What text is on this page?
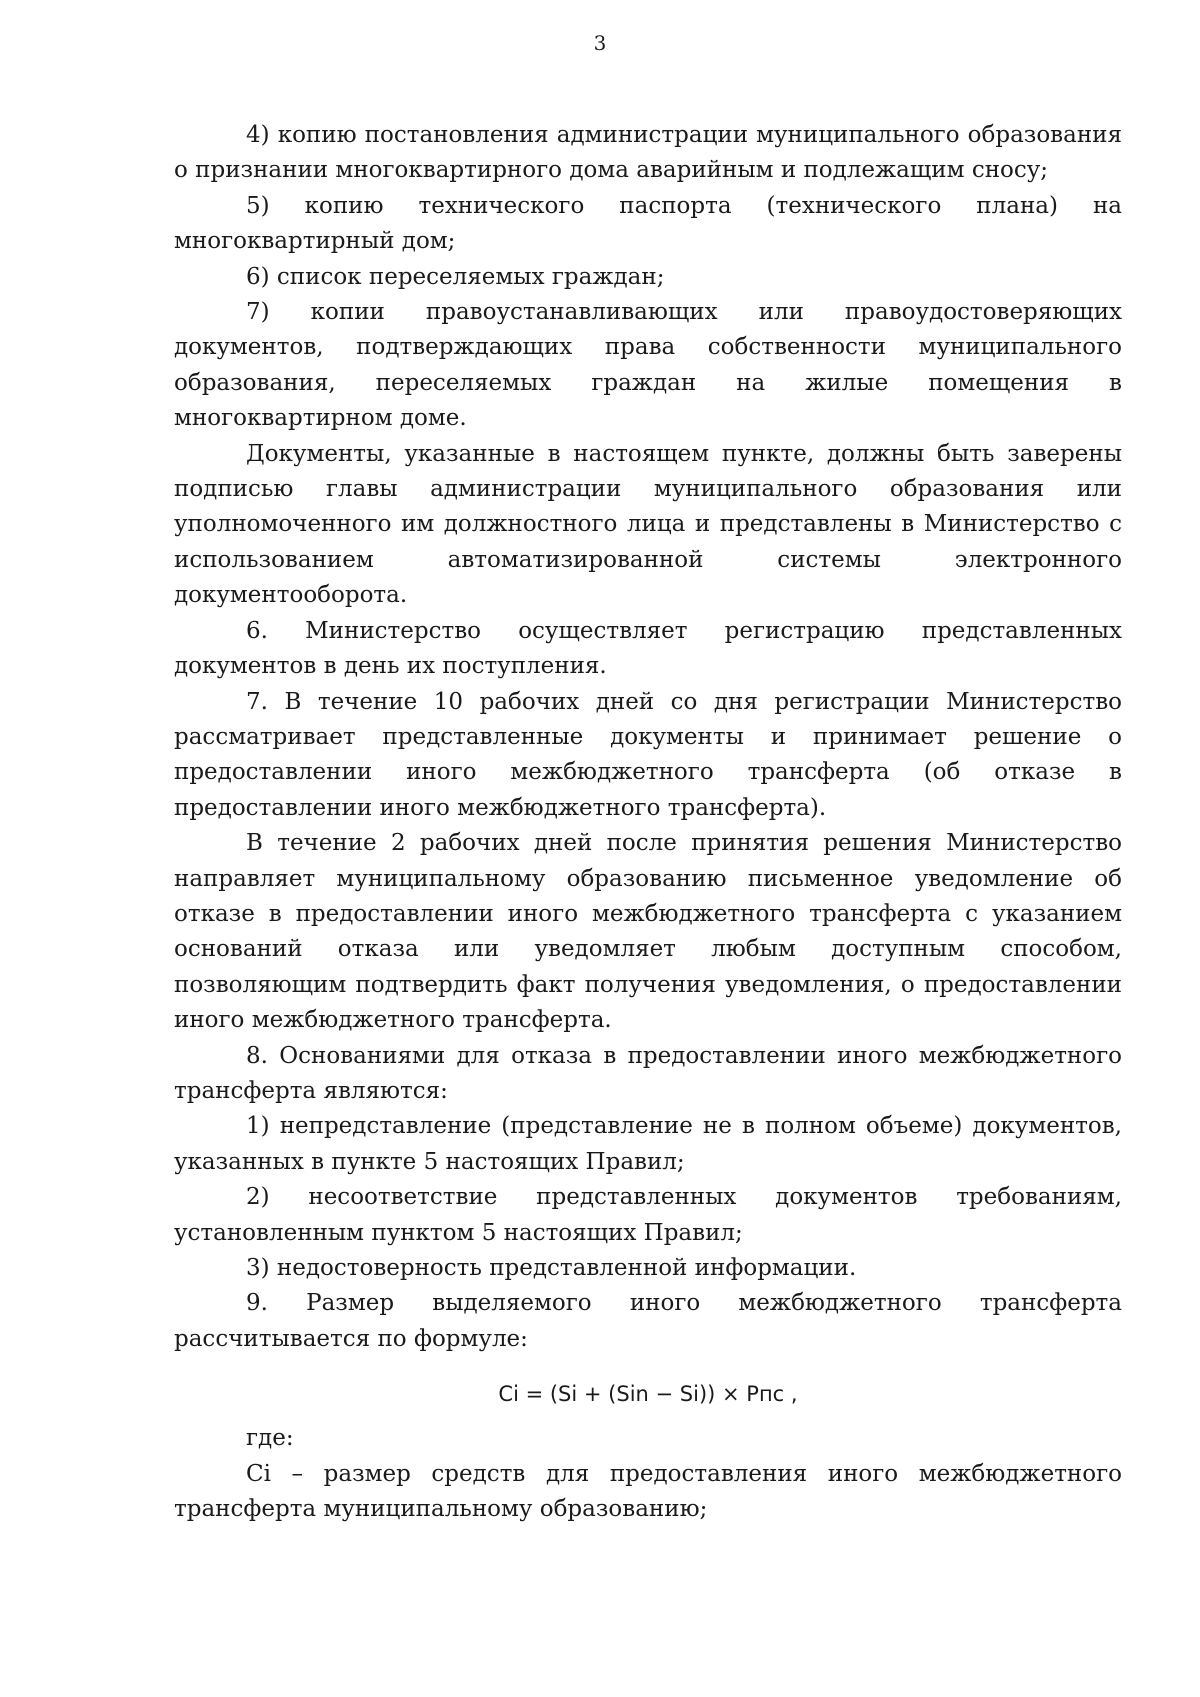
3

4) копию постановления администрации муниципального образования о признании многоквартирного дома аварийным и подлежащим сносу;

5) копию технического паспорта (технического плана) на многоквартирный дом;

6) список переселяемых граждан;

7) копии правоустанавливающих или правоудостоверяющих документов, подтверждающих права собственности муниципального образования, переселяемых граждан на жилые помещения в многоквартирном доме.

Документы, указанные в настоящем пункте, должны быть заверены подписью главы администрации муниципального образования или уполномоченного им должностного лица и представлены в Министерство с использованием автоматизированной системы электронного документооборота.

6. Министерство осуществляет регистрацию представленных документов в день их поступления.

7. В течение 10 рабочих дней со дня регистрации Министерство рассматривает представленные документы и принимает решение о предоставлении иного межбюджетного трансферта (об отказе в предоставлении иного межбюджетного трансферта).

В течение 2 рабочих дней после принятия решения Министерство направляет муниципальному образованию письменное уведомление об отказе в предоставлении иного межбюджетного трансферта с указанием оснований отказа или уведомляет любым доступным способом, позволяющим подтвердить факт получения уведомления, о предоставлении иного межбюджетного трансферта.

8. Основаниями для отказа в предоставлении иного межбюджетного трансферта являются:

1) непредставление (представление не в полном объеме) документов, указанных в пункте 5 настоящих Правил;

2) несоответствие представленных документов требованиям, установленным пунктом 5 настоящих Правил;

3) недостоверность представленной информации.

9. Размер выделяемого иного межбюджетного трансферта рассчитывается по формуле:

Ci = (Si + (Sin − Si)) × Pпс ,

где:

Ci – размер средств для предоставления иного межбюджетного трансферта муниципальному образованию;
